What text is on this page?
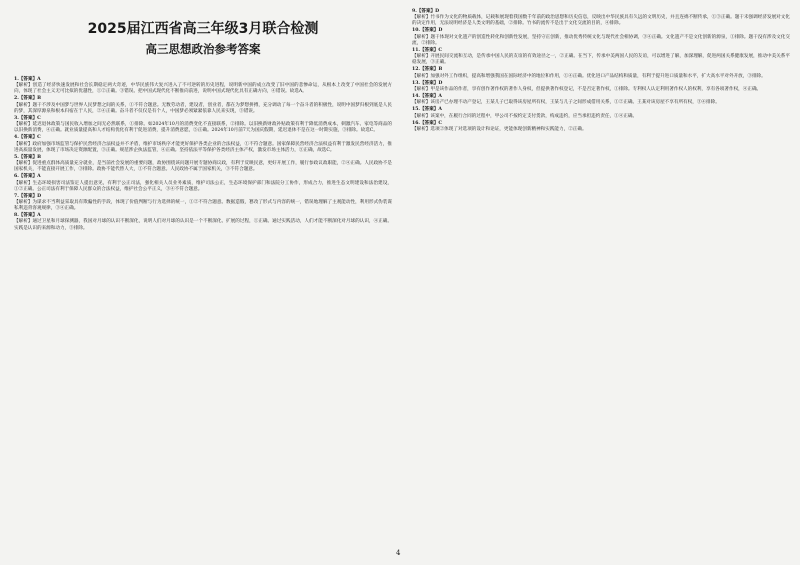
2025届江西省高三年级3月联合检测
高三思想政治参考答案
1.【答案】A
【解析】创造了经济快速发展和社会长期稳定两大奇迹，中华民族伟大复兴进入了不可逆转的历史进程，说明新中国的成立改变了旧中国的悲惨命运，从根本上改变了中国社会的发展方向，体现了社会主义无可比拟的优越性，①②正确。③错误。把中国式现代化不断推向前进，说明中国式现代化具有正确方向，④错误。故选A。
2.【答案】B
【解析】题干不涉及中国梦与世界人民梦想之间的关系，①不符合题意。无数劳动者，建设者，创业者，都在为梦想拼搏，充分调动了每一个奋斗者的积极性，说明中国梦归根到底是人民的梦，其深厚源泉和根本归宿在于人民，②④正确。奋斗者不仅仅是有个人，中国梦必须紧紧依靠人民来实现，③错误。
3.【答案】C
【解析】延迟退休政策与国民收入增加之间无必然联系，①排除。如2024年10月的消费变化不直接联系，②排除。以旧换新财政补贴政策有利于降低消费成本，刺激汽车、家电等商品的以旧换新消费，④正确。就业质量提高和人才结构优化有利于促进消费，提升消费意愿，⑤正确。2024年10月前7天为国庆假期，延迟退休不是在这一时期实施，③排除。故选C。
4.【答案】C
【解析】政府加强市场监管与保护民营经济合法权益并不矛盾，维护市场秩序才能更好保护各类企业的合法权益，①不符合题意。国家保障民营经济合法权益有利于激发民营经济活力，推进高质量发展，体现了市场决定资源配置，③正确。规范涉企执法监管，④正确。坚持依法平等保护各类经济主体产权，激发市场主体活力，⑤正确，故选C。
5.【答案】B
【解析】促进重点群体高质量充分就业，是当前社会发展的重要问题，政协围绕该问题开展专题协商议政，有利于反映民意，更好开展工作，履行参政议政职能，②④正确。人民政协不是国家机关，不能直接开展工作，③排除。政协不能代替人大，①不符合题意。人民政协不属于国家机关，③不符合题意。
6.【答案】A
【解析】生态环境损害司法鉴定人提出意见，有利于公正司法，强化相关人员业务素质，维护司法公正，生态环境保护部门和法院分工协作，形成合力，推进生态文明建设和法治建设，①②正确。公正司法有利于保障人民群众的合法权益，维护社会公平正义，③④不符合题意。
7.【答案】D
【解析】为谋求不当利益采取具有欺骗性的手段，体现了价值判断与行为选择的统一，①②不符合题意。数据造假，篡改了形式与内容的统一，错误地理解了主观能动性，利用形式伪装谋私利违背客观规律，③④正确。
8.【答案】A
【解析】通过卫星和月球探测器，我国对月球的认识不断深化，说明人们对月球的认识是一个不断深化、扩展的过程，①正确。通过实践活动，人们才能不断深化对月球的认识，④正确。实践是认识的来源和动力，③排除。
9.【答案】D
【解析】竹书作为文化的物质载体，记载和展现着我国数千年前的政治思想和历史信息，反映出中华民族具有久远的文明历史，并且连绵不断传承，①③正确。题干未强调经济发展对文化的决定作用，无法说明经济是人类文明的基础，②排除。竹书的流传不是出于文化交流的目的，④排除。
10.【答案】D
【解析】题干体现对文化遗产的创造性转化和创新性发展，坚持守正创新，推动优秀传统文化与现代社会相协调，③④正确。文化遗产不是文化创新的源泉，①排除。题干没有涉及文化交流，②排除。
11.【答案】C
【解析】开展民间交流和互动，是传承中国人民的友谊的有效途径之一，②正确。在当下，传承中美两国人民的友谊，可以增进了解，加深理解，促进两国关系健康发展，推动中美关系平稳发展，③正确。
12.【答案】B
【解析】加强对外工作组织，提高和增强我国在国际经济中的地位和作用，①④正确。优化进口产品结构和质量，有利于提升进口质量和水平，扩大高水平对外开放，③排除。
13.【答案】D
【解析】甲是该作品的作者，享有创作著作权的著作人身权，但提供著作权登记，不是否定著作权，①排除。专利权人认定利用著作权人的权利，享有各项著作权，④正确。
14.【答案】A
【解析】该房产已办理不动产登记，王某儿子已取得该房屋所有权，王某与儿子之间形成借用关系，①②正确。王某对该房屋不享有所有权，③④排除。
15.【答案】A
【解析】该案中，在履行合同的过程中，甲公司不按约定支付货款，构成违约，应当承担违约责任，①④正确。
16.【答案】C
【解析】选项②体现了对选项的设计和论证，更能体现创新精神和实践能力，②正确。
4
